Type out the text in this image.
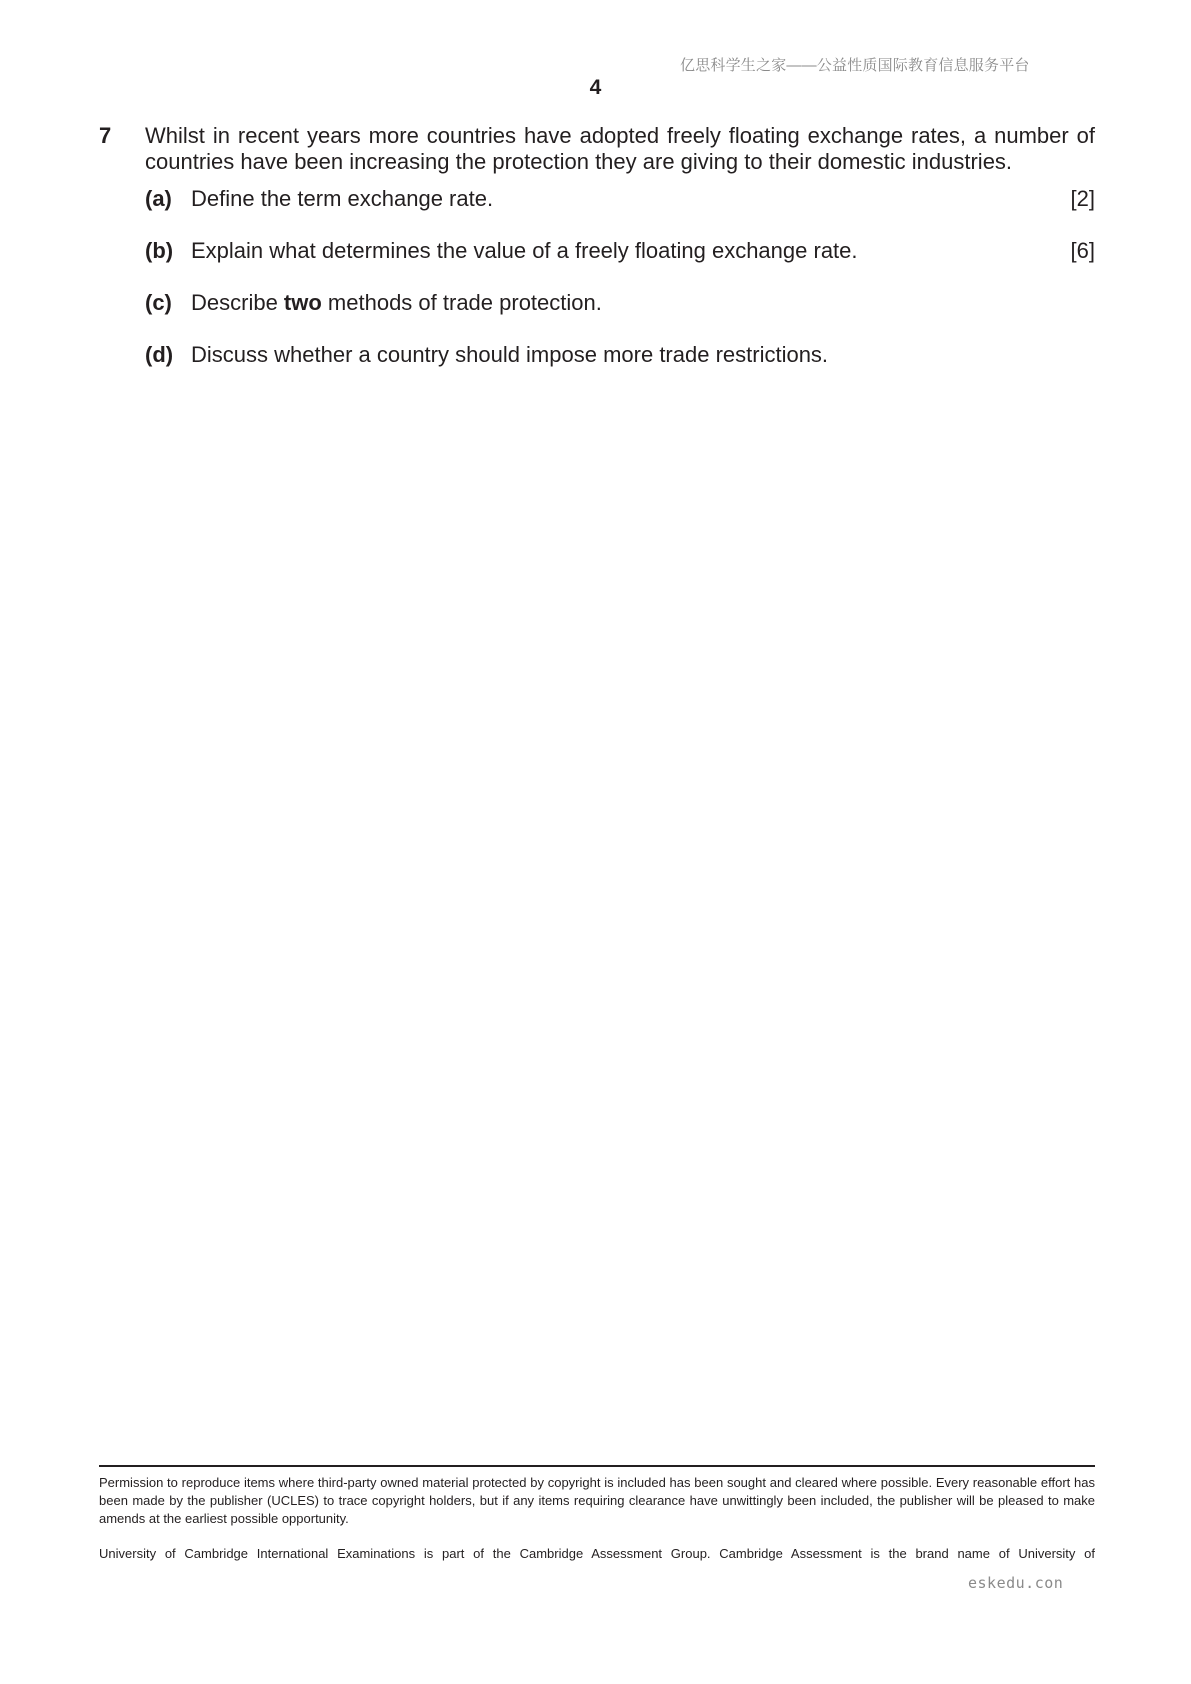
亿思科学生之家——公益性质国际教育信息服务平台
4
7 Whilst in recent years more countries have adopted freely floating exchange rates, a number of countries have been increasing the protection they are giving to their domestic industries.
(a) Define the term exchange rate.	[2]
(b) Explain what determines the value of a freely floating exchange rate.	[6]
(c) Describe two methods of trade protection.
(d) Discuss whether a country should impose more trade restrictions.
Permission to reproduce items where third-party owned material protected by copyright is included has been sought and cleared where possible. Every reasonable effort has been made by the publisher (UCLES) to trace copyright holders, but if any items requiring clearance have unwittingly been included, the publisher will be pleased to make amends at the earliest possible opportunity.
University of Cambridge International Examinations is part of the Cambridge Assessment Group. Cambridge Assessment is the brand name of University of
eskedu.con
